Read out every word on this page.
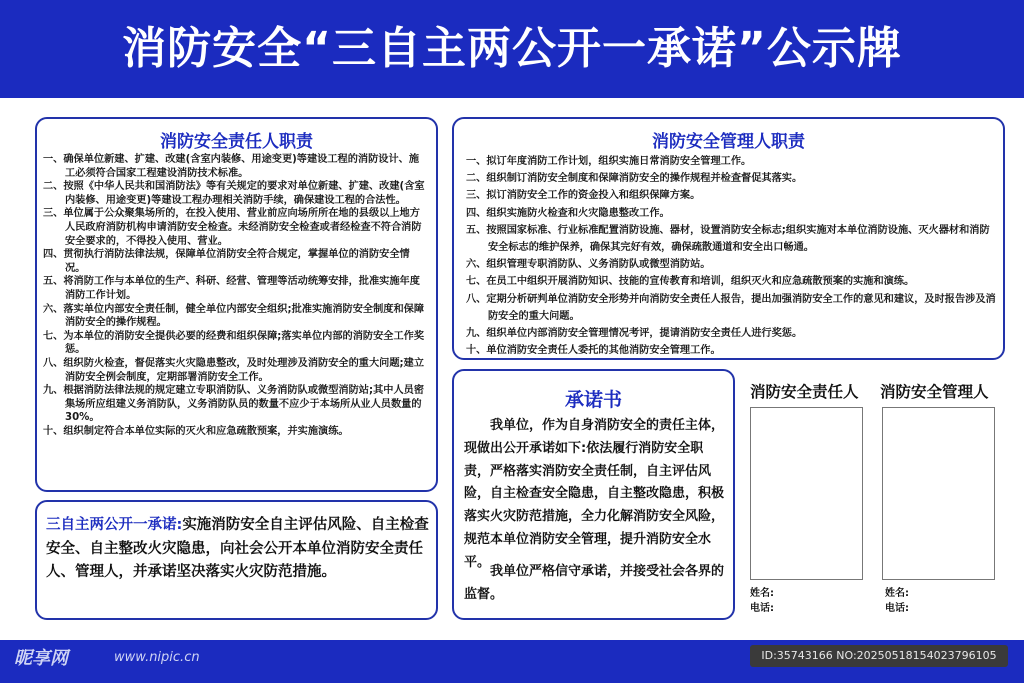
消防安全“三自主两公开一承诺”公示牌
消防安全责任人职责
一、确保单位新建、扩建、改建(含室内装修、用途变更)等建设工程的消防设计、施工必须符合国家工程建设消防技术标准。
二、按照《中华人民共和国消防法》等有关规定的要求对单位新建、扩建、改建(含室内装修、用途变更)等建设工程办理相关消防手续，确保建设工程的合法性。
三、单位属于公众聚集场所的，在投入使用、营业前应向场所所在地的县级以上地方人民政府消防机构申请消防安全检查。未经消防安全检查或者经检查不符合消防安全要求的，不得投入使用、营业。
四、贯彻执行消防法律法规，保障单位消防安全符合规定，掌握单位的消防安全情况。
五、将消防工作与本单位的生产、科研、经营、管理等活动统筹安排，批准实施年度消防工作计划。
六、落实单位内部安全责任制，健全单位内部安全组织;批准实施消防安全制度和保障消防安全的操作规程。
七、为本单位的消防安全提供必要的经费和组织保障;落实单位内部的消防安全工作奖惩。
八、组织防火检查，督促落实火灾隐患整改，及时处理涉及消防安全的重大问题;建立消防安全例会制度，定期部署消防安全工作。
九、根据消防法律法规的规定建立专职消防队、义务消防队或微型消防站;其中人员密集场所应组建义务消防队，义务消防队员的数量不应少于本场所从业人员数量的30%。
十、组织制定符合本单位实际的灭火和应急疏散预案，并实施演练。
消防安全管理人职责
一、拟订年度消防工作计划，组织实施日常消防安全管理工作。
二、组织制订消防安全制度和保障消防安全的操作规程并检查督促其落实。
三、拟订消防安全工作的资金投入和组织保障方案。
四、组织实施防火检查和火灾隐患整改工作。
五、按照国家标准、行业标准配置消防设施、器材，设置消防安全标志;组织实施对本单位消防设施、灭火器材和消防安全标志的维护保养，确保其完好有效，确保疏散通道和安全出口畅通。
六、组织管理专职消防队、义务消防队或微型消防站。
七、在员工中组织开展消防知识、技能的宣传教育和培训，组织灭火和应急疏散预案的实施和演练。
八、定期分析研判单位消防安全形势并向消防安全责任人报告，提出加强消防安全工作的意见和建议，及时报告涉及消防安全的重大问题。
九、组织单位内部消防安全管理情况考评，提请消防安全责任人进行奖惩。
十、单位消防安全责任人委托的其他消防安全管理工作。
三自主两公开一承诺:实施消防安全自主评估风险、自主检查安全、自主整改火灾隐患，向社会公开本单位消防安全责任人、管理人，并承诺坚决落实火灾防范措施。
承诺书
我单位，作为自身消防安全的责任主体，现做出公开承诺如下:依法履行消防安全职责，严格落实消防安全责任制，自主评估风险，自主检查安全隐患，自主整改隐患，积极落实火灾防范措施，全力化解消防安全风险，规范本单位消防安全管理，提升消防安全水平。
我单位严格信守承诺，并接受社会各界的监督。
消防安全责任人 消防安全管理人
姓名:
电话:
姓名:
电话:
昵享网	www.nipic.cn	ID:35743166 NO:20250518154023796105
